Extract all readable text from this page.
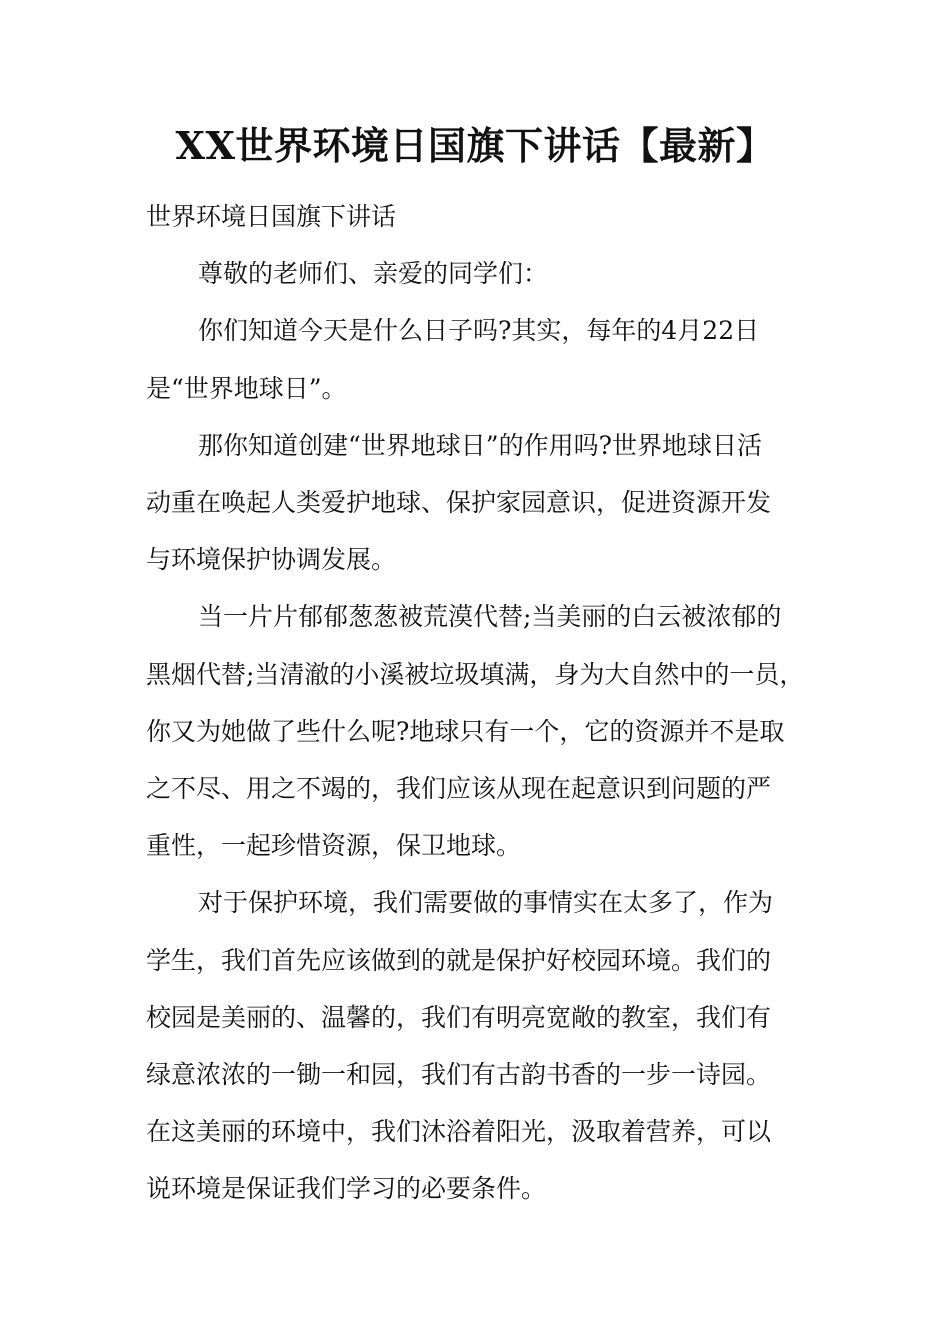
XX世界环境日国旗下讲话【最新】

世界环境日国旗下讲话

尊敬的老师们、亲爱的同学们：

你们知道今天是什么日子吗?其实，每年的4月22日
是“世界地球日”。
那你知道创建“世界地球日”的作用吗?世界地球日活
动重在唤起人类爱护地球、保护家园意识，促进资源开发
与环境保护协调发展。
当一片片郁郁葱葱被荒漠代替;当美丽的白云被浓郁的
黑烟代替;当清澈的小溪被垃圾填满，身为大自然中的一员，
你又为她做了些什么呢?地球只有一个，它的资源并不是取
之不尽、用之不竭的，我们应该从现在起意识到问题的严
重性，一起珍惜资源，保卫地球。
对于保护环境，我们需要做的事情实在太多了，作为
学生，我们首先应该做到的就是保护好校园环境。我们的
校园是美丽的、温馨的，我们有明亮宽敞的教室，我们有
绿意浓浓的一锄一和园，我们有古韵书香的一步一诗园。
在这美丽的环境中，我们沐浴着阳光，汲取着营养，可以
说环境是保证我们学习的必要条件。
